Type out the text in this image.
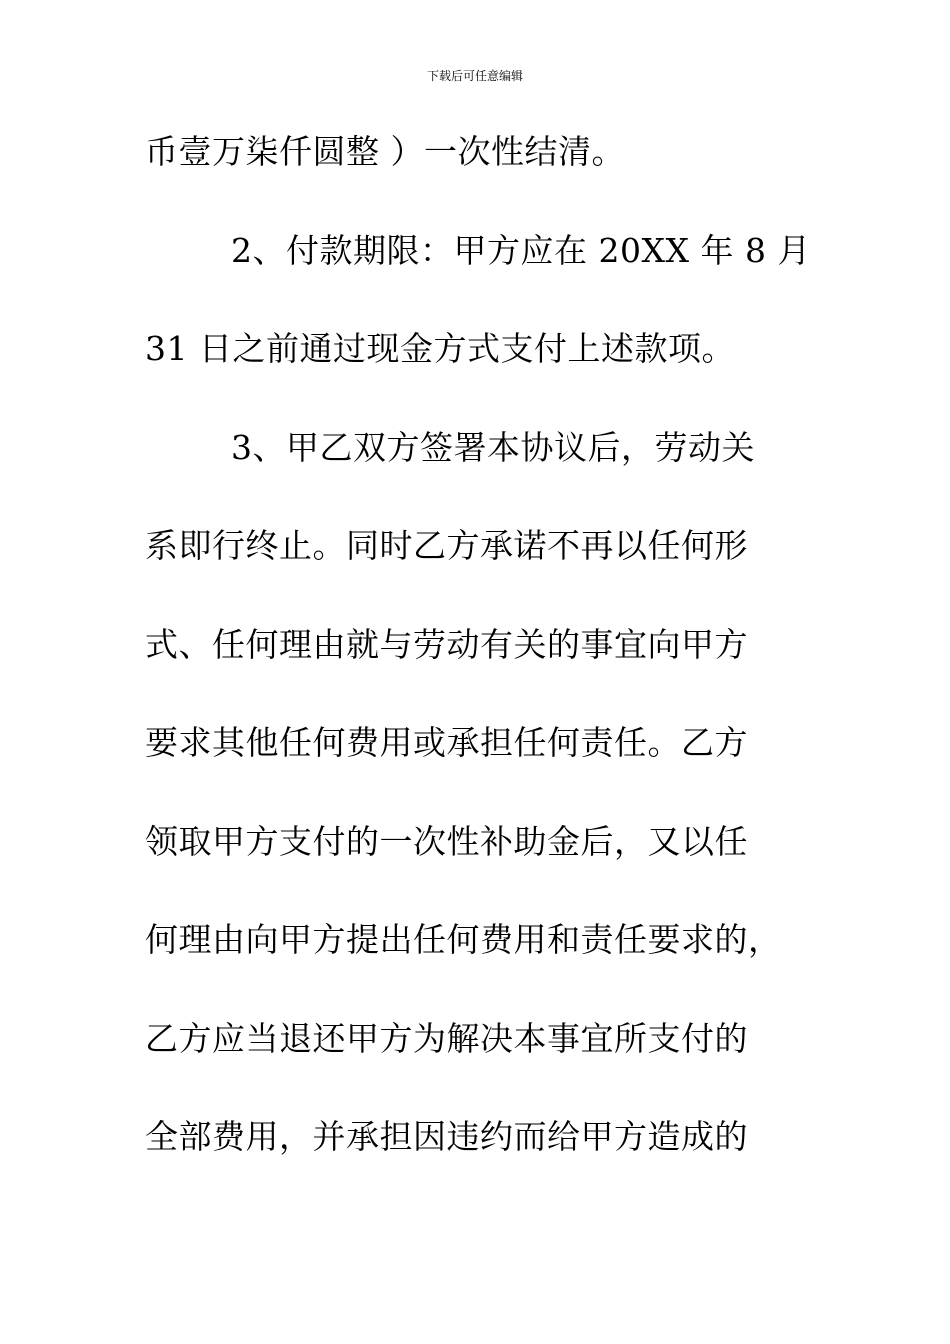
下载后可任意编辑
币壹万柒仟圆整 ）一次性结清。
2、付款期限：甲方应在 20XX 年 8 月
31 日之前通过现金方式支付上述款项。
3、甲乙双方签署本协议后，劳动关
系即行终止。同时乙方承诺不再以任何形
式、任何理由就与劳动有关的事宜向甲方
要求其他任何费用或承担任何责任。乙方
领取甲方支付的一次性补助金后，又以任
何理由向甲方提出任何费用和责任要求的，
乙方应当退还甲方为解决本事宜所支付的
全部费用，并承担因违约而给甲方造成的
